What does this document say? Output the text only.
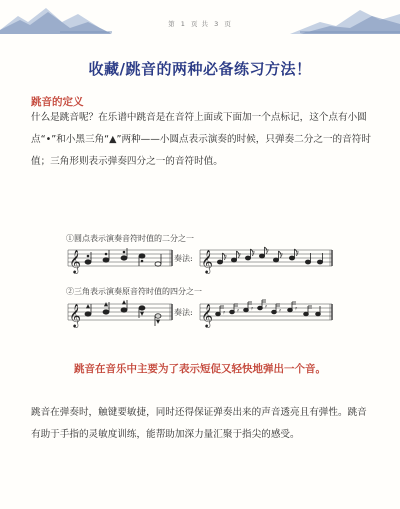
第 1 页 共 3 页
收藏/跳音的两种必备练习方法！
跳音的定义
什么是跳音呢？在乐谱中跳音是在音符上面或下面加一个点标记，这个点有小圆点“•”和小黑三角“▲”两种——小圆点表示演奏的时候，只弹奏二分之一的音符时值；三角形则表示弹奏四分之一的音符时值。
①圆点表示演奏音符时值的二分之一
𝄞	𝄞
奏法:	𝄾 𝄾 𝄾 𝄾 𝄾 𝄾
②三角表示演奏原音符时值的四分之一
𝄞	𝄞
奏法:	𝄿 𝄿 𝄿 𝄿
𝄿 𝄿
跳音在音乐中主要为了表示短促又轻快地弹出一个音。
跳音在弹奏时，触键要敏捷，同时还得保证弹奏出来的声音透亮且有弹性。跳音有助于手指的灵敏度训练，能帮助加深力量汇聚于指尖的感受。
